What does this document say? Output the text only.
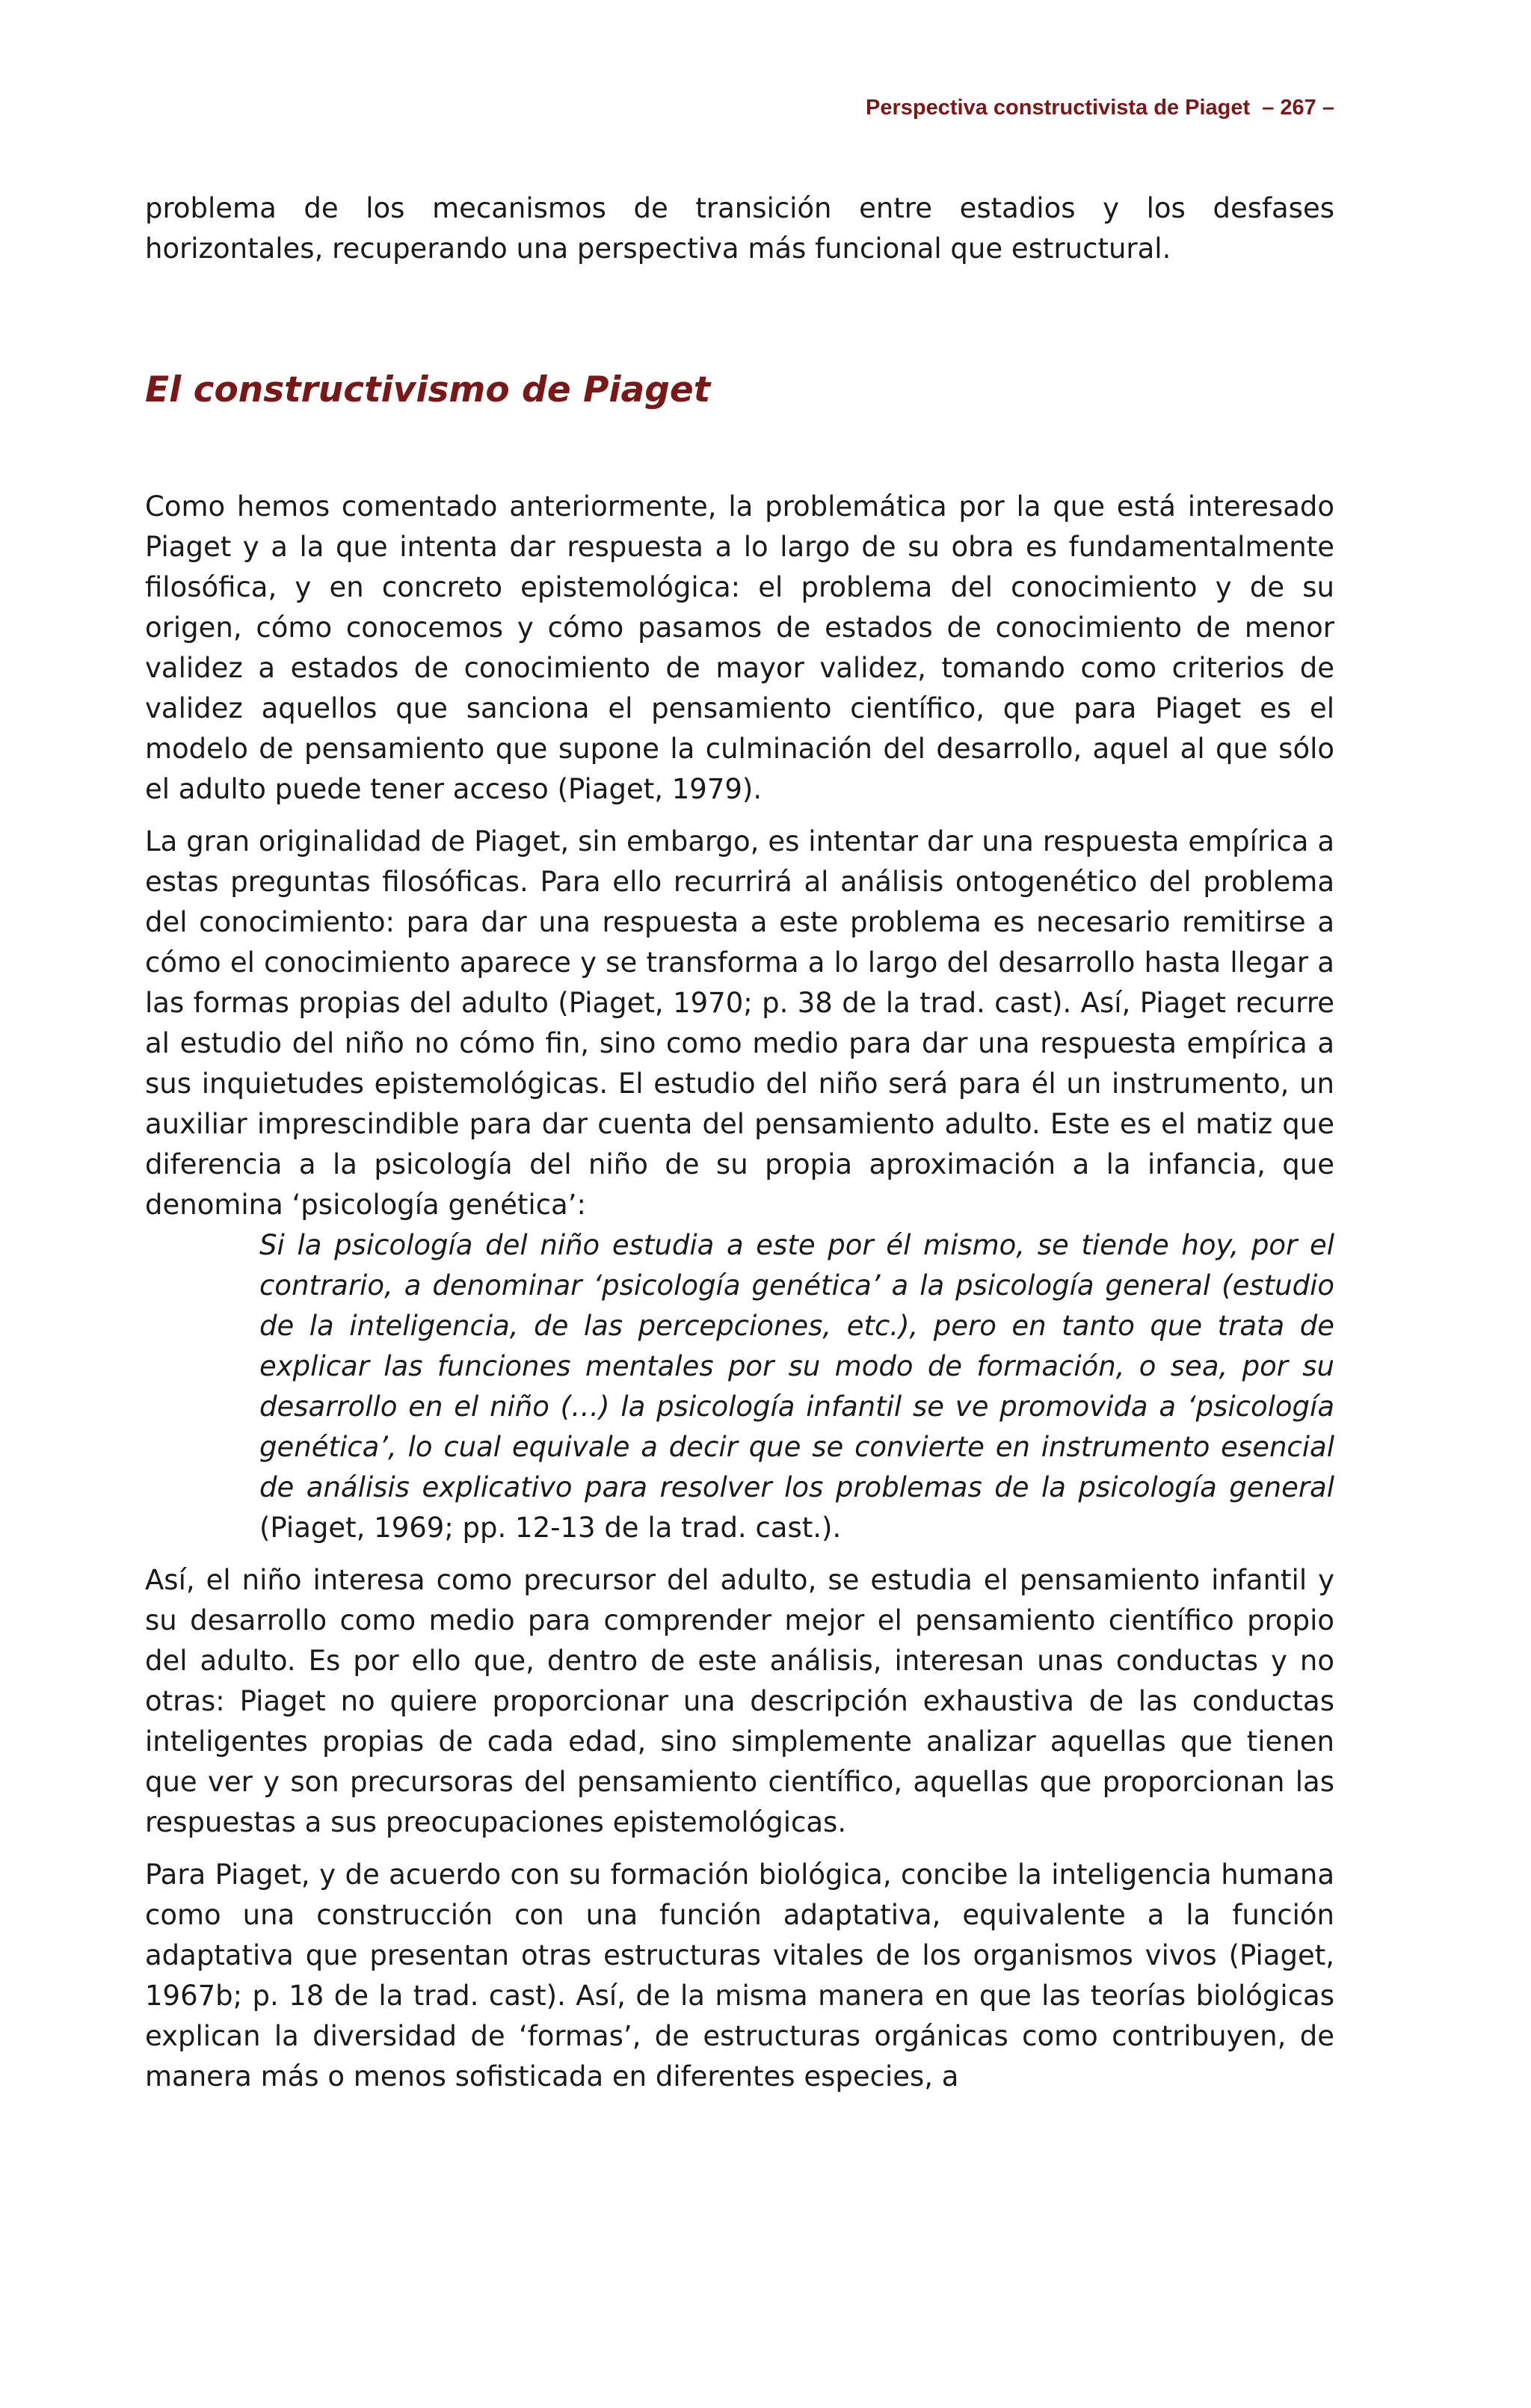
Perspectiva constructivista de Piaget – 267 –

problema de los mecanismos de transición entre estadios y los desfases horizontales, recuperando una perspectiva más funcional que estructural.

El constructivismo de Piaget

Como hemos comentado anteriormente, la problemática por la que está interesado Piaget y a la que intenta dar respuesta a lo largo de su obra es fundamentalmente filosófica, y en concreto epistemológica: el problema del conocimiento y de su origen, cómo conocemos y cómo pasamos de estados de conocimiento de menor validez a estados de conocimiento de mayor validez, tomando como criterios de validez aquellos que sanciona el pensamiento científico, que para Piaget es el modelo de pensamiento que supone la culminación del desarrollo, aquel al que sólo el adulto puede tener acceso (Piaget, 1979).

La gran originalidad de Piaget, sin embargo, es intentar dar una respuesta empírica a estas preguntas filosóficas. Para ello recurrirá al análisis ontogenético del problema del conocimiento: para dar una respuesta a este problema es necesario remitirse a cómo el conocimiento aparece y se transforma a lo largo del desarrollo hasta llegar a las formas propias del adulto (Piaget, 1970; p. 38 de la trad. cast). Así, Piaget recurre al estudio del niño no cómo fin, sino como medio para dar una respuesta empírica a sus inquietudes epistemológicas. El estudio del niño será para él un instrumento, un auxiliar imprescindible para dar cuenta del pensamiento adulto. Este es el matiz que diferencia a la psicología del niño de su propia aproximación a la infancia, que denomina ‘psicología genética’:

Si la psicología del niño estudia a este por él mismo, se tiende hoy, por el contrario, a denominar ‘psicología genética’ a la psicología general (estudio de la inteligencia, de las percepciones, etc.), pero en tanto que trata de explicar las funciones mentales por su modo de formación, o sea, por su desarrollo en el niño (…) la psicología infantil se ve promovida a ‘psicología genética’, lo cual equivale a decir que se convierte en instrumento esencial de análisis explicativo para resolver los problemas de la psicología general (Piaget, 1969; pp. 12-13 de la trad. cast.).

Así, el niño interesa como precursor del adulto, se estudia el pensamiento infantil y su desarrollo como medio para comprender mejor el pensamiento científico propio del adulto. Es por ello que, dentro de este análisis, interesan unas conductas y no otras: Piaget no quiere proporcionar una descripción exhaustiva de las conductas inteligentes propias de cada edad, sino simplemente analizar aquellas que tienen que ver y son precursoras del pensamiento científico, aquellas que proporcionan las respuestas a sus preocupaciones epistemológicas.

Para Piaget, y de acuerdo con su formación biológica, concibe la inteligencia humana como una construcción con una función adaptativa, equivalente a la función adaptativa que presentan otras estructuras vitales de los organismos vivos (Piaget, 1967b; p. 18 de la trad. cast). Así, de la misma manera en que las teorías biológicas explican la diversidad de ‘formas’, de estructuras orgánicas como contribuyen, de manera más o menos sofisticada en diferentes especies, a
